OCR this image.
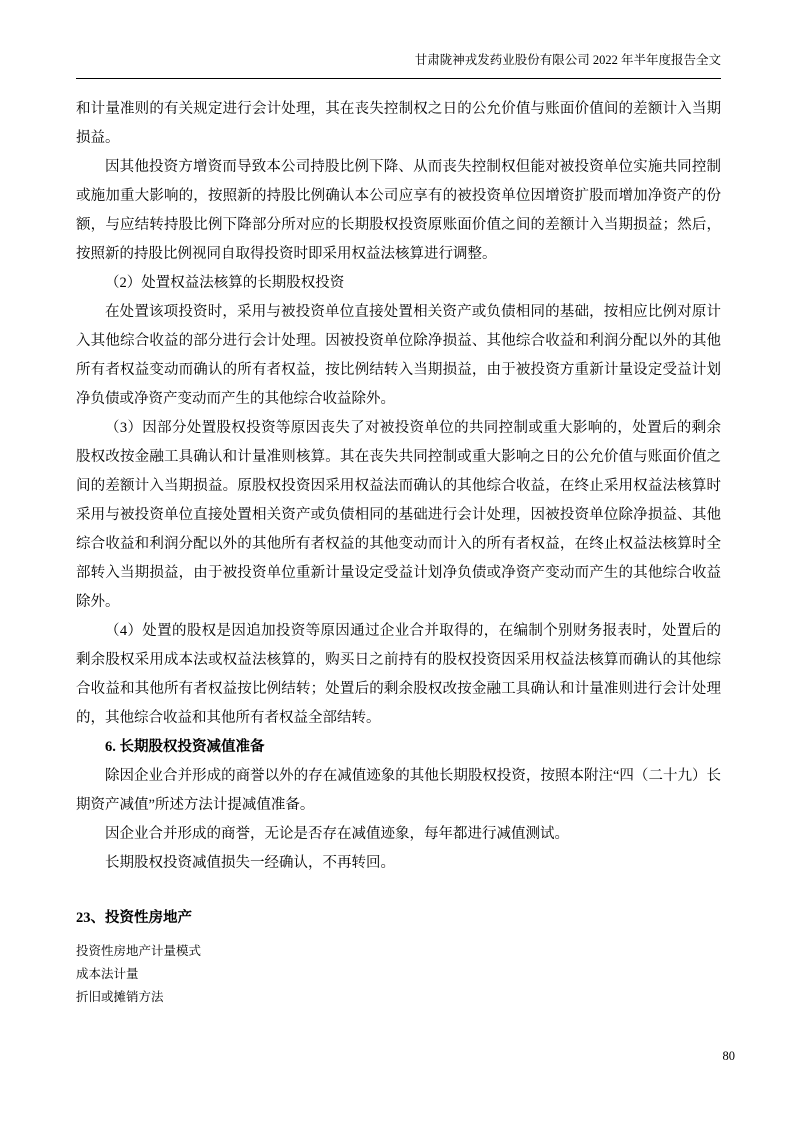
甘肃陇神戎发药业股份有限公司 2022 年半年度报告全文

和计量准则的有关规定进行会计处理，其在丧失控制权之日的公允价值与账面价值间的差额计入当期损益。

因其他投资方增资而导致本公司持股比例下降、从而丧失控制权但能对被投资单位实施共同控制或施加重大影响的，按照新的持股比例确认本公司应享有的被投资单位因增资扩股而增加净资产的份额，与应结转持股比例下降部分所对应的长期股权投资原账面价值之间的差额计入当期损益；然后，按照新的持股比例视同自取得投资时即采用权益法核算进行调整。

（2）处置权益法核算的长期股权投资

在处置该项投资时，采用与被投资单位直接处置相关资产或负债相同的基础，按相应比例对原计入其他综合收益的部分进行会计处理。因被投资单位除净损益、其他综合收益和利润分配以外的其他所有者权益变动而确认的所有者权益，按比例结转入当期损益，由于被投资方重新计量设定受益计划净负债或净资产变动而产生的其他综合收益除外。

（3）因部分处置股权投资等原因丧失了对被投资单位的共同控制或重大影响的，处置后的剩余股权改按金融工具确认和计量准则核算。其在丧失共同控制或重大影响之日的公允价值与账面价值之间的差额计入当期损益。原股权投资因采用权益法而确认的其他综合收益，在终止采用权益法核算时采用与被投资单位直接处置相关资产或负债相同的基础进行会计处理，因被投资单位除净损益、其他综合收益和利润分配以外的其他所有者权益的其他变动而计入的所有者权益，在终止权益法核算时全部转入当期损益，由于被投资单位重新计量设定受益计划净负债或净资产变动而产生的其他综合收益除外。

（4）处置的股权是因追加投资等原因通过企业合并取得的，在编制个别财务报表时，处置后的剩余股权采用成本法或权益法核算的，购买日之前持有的股权投资因采用权益法核算而确认的其他综合收益和其他所有者权益按比例结转；处置后的剩余股权改按金融工具确认和计量准则进行会计处理的，其他综合收益和其他所有者权益全部结转。

6. 长期股权投资减值准备

除因企业合并形成的商誉以外的存在减值迹象的其他长期股权投资，按照本附注“四（二十九）长期资产减值”所述方法计提减值准备。

因企业合并形成的商誉，无论是否存在减值迹象，每年都进行减值测试。

长期股权投资减值损失一经确认，不再转回。

23、投资性房地产
投资性房地产计量模式
成本法计量
折旧或摊销方法
80
